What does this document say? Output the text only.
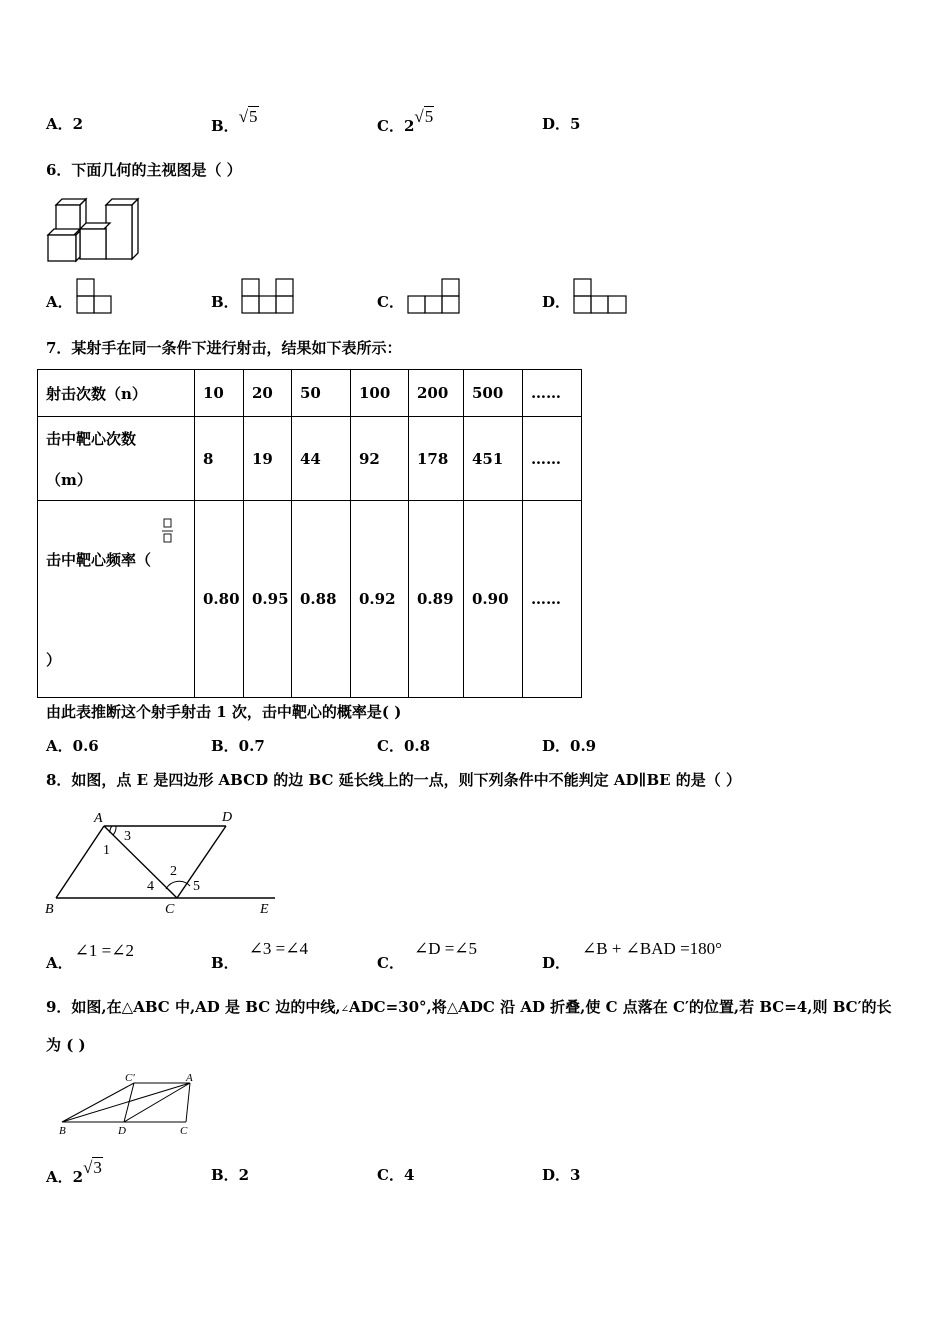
A．2	B．√5	C．2√5	D．5
6．下面几何的主视图是（ ）
A．	B．	C．	D．
7．某射手在同一条件下进行射击，结果如下表所示：
射击次数（n）	10	20	50	100	200	500	……

击中靶心次数
（m）	8	19	44	92	178	451	……

击中靶心频率（
）	0.80	0.95	0.88	0.92	0.89	0.90	……
由此表推断这个射手射击 1 次，击中靶心的概率是( )
A．0.6	B．0.7	C．0.8	D．0.9
8．如图，点 E 是四边形 ABCD 的边 BC 延长线上的一点，则下列条件中不能判定 AD∥BE 的是（ ）
A	D
B	C	E
1
2
3
4	5
A．∠1 =∠2
B．∠3 =∠4
C．∠D =∠5
D．∠B + ∠BAD =180°
9．如图,在△ABC 中,AD 是 BC 边的中线,∠ADC=30°,将△ADC 沿 AD 折叠,使 C 点落在 C′的位置,若 BC=4,则 BC′的长
为 ( )
C′	A
B	D	C
A．2√3	B．2	C．4	D．3
